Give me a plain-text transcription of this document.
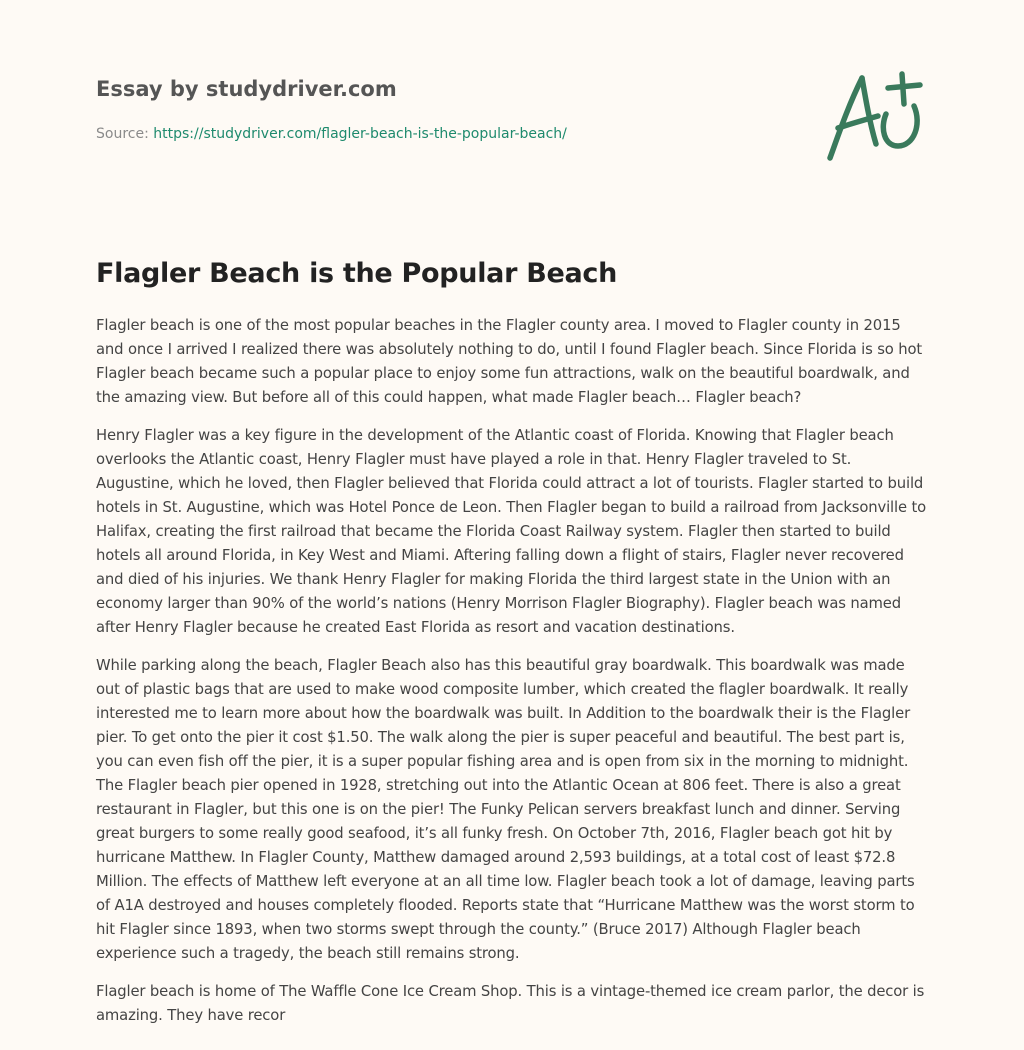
Essay by studydriver.com
Source: https://studydriver.com/flagler-beach-is-the-popular-beach/
Flagler Beach is the Popular Beach

Flagler beach is one of the most popular beaches in the Flagler county area. I moved to Flagler county in 2015 and once I arrived I realized there was absolutely nothing to do, until I found Flagler beach. Since Florida is so hot Flagler beach became such a popular place to enjoy some fun attractions, walk on the beautiful boardwalk, and the amazing view. But before all of this could happen, what made Flagler beach… Flagler beach?

Henry Flagler was a key figure in the development of the Atlantic coast of Florida. Knowing that Flagler beach overlooks the Atlantic coast, Henry Flagler must have played a role in that. Henry Flagler traveled to St. Augustine, which he loved, then Flagler believed that Florida could attract a lot of tourists. Flagler started to build hotels in St. Augustine, which was Hotel Ponce de Leon. Then Flagler began to build a railroad from Jacksonville to Halifax, creating the first railroad that became the Florida Coast Railway system. Flagler then started to build hotels all around Florida, in Key West and Miami. Aftering falling down a flight of stairs, Flagler never recovered and died of his injuries. We thank Henry Flagler for making Florida the third largest state in the Union with an economy larger than 90% of the world’s nations (Henry Morrison Flagler Biography). Flagler beach was named after Henry Flagler because he created East Florida as resort and vacation destinations.

While parking along the beach, Flagler Beach also has this beautiful gray boardwalk. This boardwalk was made out of plastic bags that are used to make wood composite lumber, which created the flagler boardwalk. It really interested me to learn more about how the boardwalk was built. In Addition to the boardwalk their is the Flagler pier. To get onto the pier it cost $1.50. The walk along the pier is super peaceful and beautiful. The best part is, you can even fish off the pier, it is a super popular fishing area and is open from six in the morning to midnight. The Flagler beach pier opened in 1928, stretching out into the Atlantic Ocean at 806 feet. There is also a great restaurant in Flagler, but this one is on the pier! The Funky Pelican servers breakfast lunch and dinner. Serving great burgers to some really good seafood, it’s all funky fresh. On October 7th, 2016, Flagler beach got hit by hurricane Matthew. In Flagler County, Matthew damaged around 2,593 buildings, at a total cost of least $72.8 Million. The effects of Matthew left everyone at an all time low. Flagler beach took a lot of damage, leaving parts of A1A destroyed and houses completely flooded. Reports state that “Hurricane Matthew was the worst storm to hit Flagler since 1893, when two storms swept through the county.” (Bruce 2017) Although Flagler beach experience such a tragedy, the beach still remains strong.

Flagler beach is home of The Waffle Cone Ice Cream Shop. This is a vintage-themed ice cream parlor, the decor is amazing. They have recor
